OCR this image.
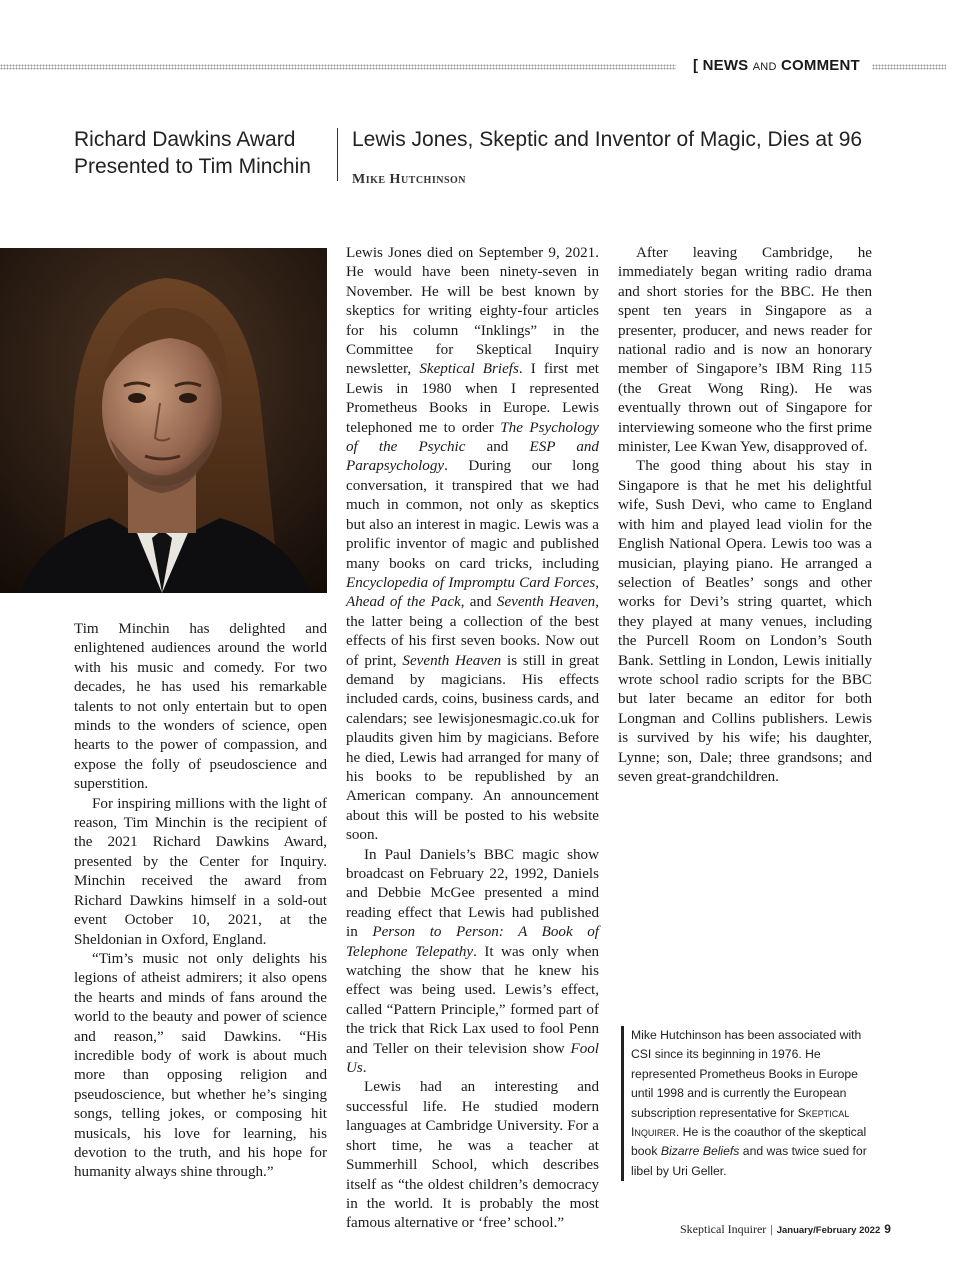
[ NEWS AND COMMENT
Richard Dawkins Award Presented to Tim Minchin
Lewis Jones, Skeptic and Inventor of Magic, Dies at 96
Mike Hutchinson

Tim Minchin has delighted and enlightened audiences around the world with his music and comedy. For two decades, he has used his remarkable talents to not only entertain but to open minds to the wonders of science, open hearts to the power of compassion, and expose the folly of pseudoscience and superstition.

For inspiring millions with the light of reason, Tim Minchin is the recipient of the 2021 Richard Dawkins Award, presented by the Center for Inquiry. Minchin received the award from Richard Dawkins himself in a sold-out event October 10, 2021, at the Sheldonian in Oxford, England.

“Tim’s music not only delights his legions of atheist admirers; it also opens the hearts and minds of fans around the world to the beauty and power of science and reason,” said Dawkins. “His incredible body of work is about much more than opposing religion and pseudoscience, but whether he’s singing songs, telling jokes, or composing hit musicals, his love for learning, his devotion to the truth, and his hope for humanity always shine through.”

Lewis Jones died on September 9, 2021. He would have been ninety-seven in November. He will be best known by skeptics for writing eighty-four articles for his column “Inklings” in the Committee for Skeptical Inquiry newsletter, Skeptical Briefs. I first met Lewis in 1980 when I represented Prometheus Books in Europe. Lewis telephoned me to order The Psychology of the Psychic and ESP and Parapsychology. During our long conversation, it transpired that we had much in common, not only as skeptics but also an interest in magic. Lewis was a prolific inventor of magic and published many books on card tricks, including Encyclopedia of Impromptu Card Forces, Ahead of the Pack, and Seventh Heaven, the latter being a collection of the best effects of his first seven books. Now out of print, Seventh Heaven is still in great demand by magicians. His effects included cards, coins, business cards, and calendars; see lewisjonesmagic.co.uk for plaudits given him by magicians. Before he died, Lewis had arranged for many of his books to be republished by an American company. An announcement about this will be posted to his website soon.

In Paul Daniels’s BBC magic show broadcast on February 22, 1992, Daniels and Debbie McGee presented a mind reading effect that Lewis had published in Person to Person: A Book of Telephone Telepathy. It was only when watching the show that he knew his effect was being used. Lewis’s effect, called “Pattern Principle,” formed part of the trick that Rick Lax used to fool Penn and Teller on their television show Fool Us.

Lewis had an interesting and successful life. He studied modern languages at Cambridge University. For a short time, he was a teacher at Summerhill School, which describes itself as “the oldest children’s democracy in the world. It is probably the most famous alternative or ‘free’ school.”

After leaving Cambridge, he immediately began writing radio drama and short stories for the BBC. He then spent ten years in Singapore as a presenter, producer, and news reader for national radio and is now an honorary member of Singapore’s IBM Ring 115 (the Great Wong Ring). He was eventually thrown out of Singapore for interviewing someone who the first prime minister, Lee Kwan Yew, disapproved of.

The good thing about his stay in Singapore is that he met his delightful wife, Sush Devi, who came to England with him and played lead violin for the English National Opera. Lewis too was a musician, playing piano. He arranged a selection of Beatles’ songs and other works for Devi’s string quartet, which they played at many venues, including the Purcell Room on London’s South Bank. Settling in London, Lewis initially wrote school radio scripts for the BBC but later became an editor for both Longman and Collins publishers. Lewis is survived by his wife; his daughter, Lynne; son, Dale; three grandsons; and seven great-grandchildren.

Mike Hutchinson has been associated with CSI since its beginning in 1976. He represented Prometheus Books in Europe until 1998 and is currently the European subscription representative for Skeptical Inquirer. He is the coauthor of the skeptical book Bizarre Beliefs and was twice sued for libel by Uri Geller.
Skeptical Inquirer | January/February 2022 9
